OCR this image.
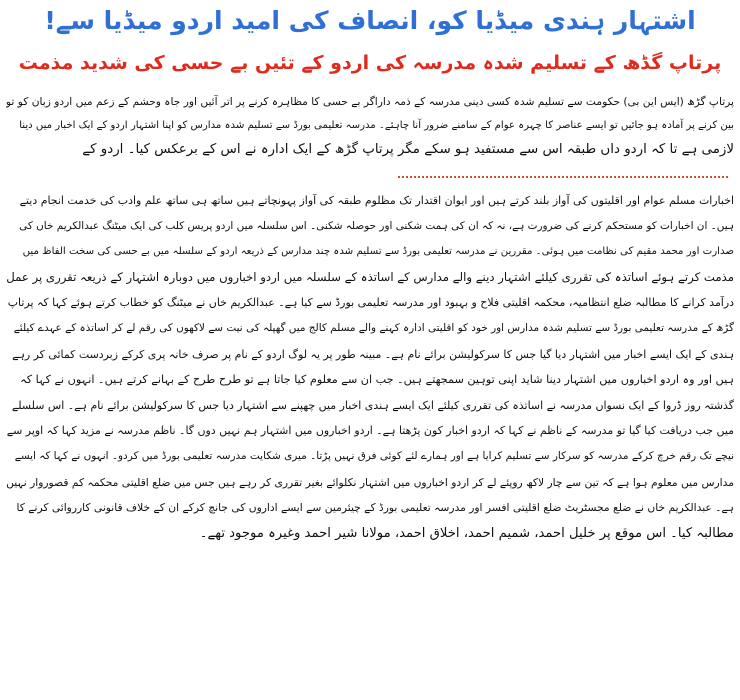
اشتہار ہندی میڈیا کو، انصاف کی امید اردو میڈیا سے!
پرتاپ گڈھ کے تسلیم شدہ مدرسہ کی اردو کے تئیں بے حسی کی شدید مذمت

پرتاپ گڑھ (ایس این بی) حکومت سے تسلیم شدہ کسی دینی مدرسہ کے ذمہ داراگر بے حسی کا مظاہرہ کرنے پر اتر آئیں اور جاہ وحشم کے زعم میں اردو زبان کو تو

بین کرنے پر آمادہ ہو جائیں تو ایسے عناصر کا چہرہ عوام کے سامنے ضرور آنا چاہئے۔ مدرسہ تعلیمی بورڈ سے تسلیم شدہ مدارس کو اپنا اشتہار اردو کے ایک اخبار میں دینا

لازمی ہے تا کہ اردو داں طبقہ اس سے مستفید ہو سکے مگر پرتاپ گڑھ کے ایک ادارہ نے اس کے برعکس کیا۔ اردو کے

اخبارات مسلم عوام اور اقلیتوں کی آواز بلند کرتے ہیں اور ایوان اقتدار تک مظلوم طبقہ کی آواز پہونچاتے ہیں ساتھ ہی ساتھ علم وادب کی خدمت انجام دیتے

ہیں۔ ان اخبارات کو مستحکم کرنے کی ضرورت ہے، نہ کہ ان کی ہمت شکنی اور حوصلہ شکنی۔ اس سلسلہ میں اردو پریس کلب کی ایک میٹنگ عبدالکریم خاں کی

صدارت اور محمد مقیم کی نظامت میں ہوئی۔ مقررین نے مدرسہ تعلیمی بورڈ سے تسلیم شدہ چند مدارس کے ذریعہ اردو کے سلسلہ میں بے حسی کی سخت الفاظ میں

مذمت کرتے ہوئے اساتذہ کی تقرری کیلئے اشتہار دینے والے مدارس کے اساتذہ کے سلسلہ میں اردو اخباروں میں دوبارہ اشتہار کے ذریعہ تقرری پر عمل

درآمد کرانے کا مطالبہ ضلع انتظامیہ، محکمہ اقلیتی فلاح و بہبود اور مدرسہ تعلیمی بورڈ سے کیا ہے۔ عبدالکریم خاں نے میٹنگ کو خطاب کرتے ہوئے کہا کہ پرتاپ

گڑھ کے مدرسہ تعلیمی بورڈ سے تسلیم شدہ مدارس اور خود کو اقلیتی ادارہ کہنے والے مسلم کالج میں گھپلہ کی نیت سے لاکھوں کی رقم لے کر اساتذہ کے عہدے کیلئے

ہندی کے ایک ایسے اخبار میں اشتہار دیا گیا جس کا سرکولیشن برائے نام ہے۔ مبینہ طور پر یہ لوگ اردو کے نام پر صرف خانہ پری کرکے زبردست کمائی کر رہے

ہیں اور وہ اردو اخباروں میں اشتہار دینا شاید اپنی توہین سمجھتے ہیں۔ جب ان سے معلوم کیا جاتا ہے تو طرح طرح کے بہانے کرتے ہیں۔ انہوں نے کہا کہ

گذشتہ روز ڈروا کے ایک نسواں مدرسہ نے اساتذہ کی تقرری کیلئے ایک ایسے ہندی اخبار میں چھپنے سے اشتہار دیا جس کا سرکولیشن برائے نام ہے۔ اس سلسلے

میں جب دریافت کیا گیا تو مدرسہ کے ناظم نے کہا کہ اردو اخبار کون پڑھتا ہے۔ اردو اخباروں میں اشتہار ہم نہیں دوں گا۔ ناظم مدرسہ نے مزید کہا کہ اوپر سے

نیچے تک رقم خرچ کرکے مدرسہ کو سرکار سے تسلیم کرایا ہے اور ہمارے لئے کوئی فرق نہیں پڑتا۔ میری شکایت مدرسہ تعلیمی بورڈ میں کردو۔ انہوں نے کہا کہ ایسے

مدارس میں معلوم ہوا ہے کہ تین سے چار لاکھ روپئے لے کر اردو اخباروں میں اشتہار نکلوائے بغیر تقرری کر رہے ہیں جس میں ضلع اقلیتی محکمہ کم قصوروار نہیں

ہے۔ عبدالکریم خاں نے ضلع مجسٹریٹ ضلع اقلیتی افسر اور مدرسہ تعلیمی بورڈ کے چیئرمین سے ایسے اداروں کی جانچ کرکے ان کے خلاف قانونی کارروائی کرنے کا

مطالبہ کیا۔ اس موقع پر خلیل احمد، شمیم احمد، اخلاق احمد، مولانا شیر احمد وغیرہ موجود تھے۔
